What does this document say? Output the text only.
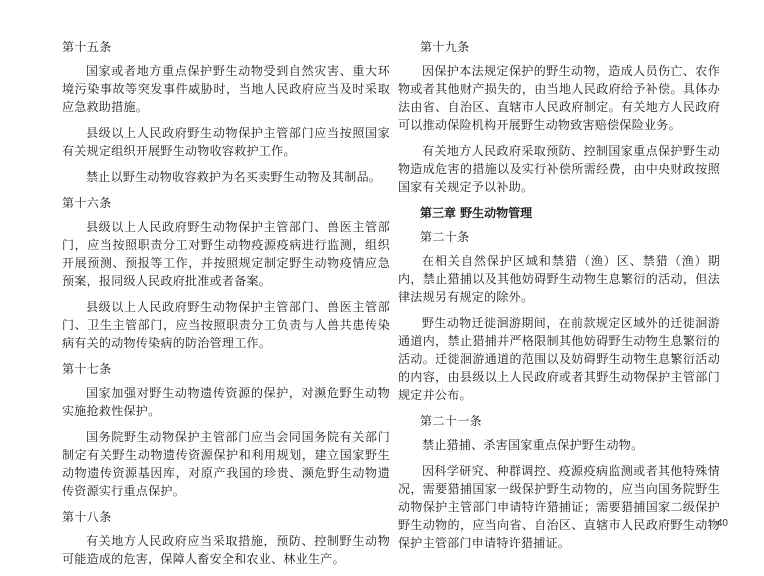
第十五条

国家或者地方重点保护野生动物受到自然灾害、重大环境污染事故等突发事件威胁时，当地人民政府应当及时采取应急救助措施。

县级以上人民政府野生动物保护主管部门应当按照国家有关规定组织开展野生动物收容救护工作。

禁止以野生动物收容救护为名买卖野生动物及其制品。

第十六条

县级以上人民政府野生动物保护主管部门、兽医主管部门，应当按照职责分工对野生动物疫源疫病进行监测，组织开展预测、预报等工作，并按照规定制定野生动物疫情应急预案，报同级人民政府批准或者备案。

县级以上人民政府野生动物保护主管部门、兽医主管部门、卫生主管部门，应当按照职责分工负责与人兽共患传染病有关的动物传染病的防治管理工作。

第十七条

国家加强对野生动物遗传资源的保护，对濒危野生动物实施抢救性保护。

国务院野生动物保护主管部门应当会同国务院有关部门制定有关野生动物遗传资源保护和利用规划，建立国家野生动物遗传资源基因库，对原产我国的珍贵、濒危野生动物遗传资源实行重点保护。

第十八条

有关地方人民政府应当采取措施，预防、控制野生动物可能造成的危害，保障人畜安全和农业、林业生产。

第十九条

因保护本法规定保护的野生动物，造成人员伤亡、农作物或者其他财产损失的，由当地人民政府给予补偿。具体办法由省、自治区、直辖市人民政府制定。有关地方人民政府可以推动保险机构开展野生动物致害赔偿保险业务。

有关地方人民政府采取预防、控制国家重点保护野生动物造成危害的措施以及实行补偿所需经费，由中央财政按照国家有关规定予以补助。

第三章 野生动物管理
第二十条

在相关自然保护区域和禁猎（渔）区、禁猎（渔）期内，禁止猎捕以及其他妨碍野生动物生息繁衍的活动，但法律法规另有规定的除外。

野生动物迁徙洄游期间，在前款规定区域外的迁徙洄游通道内，禁止猎捕并严格限制其他妨碍野生动物生息繁衍的活动。迁徙洄游通道的范围以及妨碍野生动物生息繁衍活动的内容，由县级以上人民政府或者其野生动物保护主管部门规定并公布。

第二十一条

禁止猎捕、杀害国家重点保护野生动物。

因科学研究、种群调控、疫源疫病监测或者其他特殊情况，需要猎捕国家一级保护野生动物的，应当向国务院野生动物保护主管部门申请特许猎捕证；需要猎捕国家二级保护野生动物的，应当向省、自治区、直辖市人民政府野生动物保护主管部门申请特许猎捕证。

40
